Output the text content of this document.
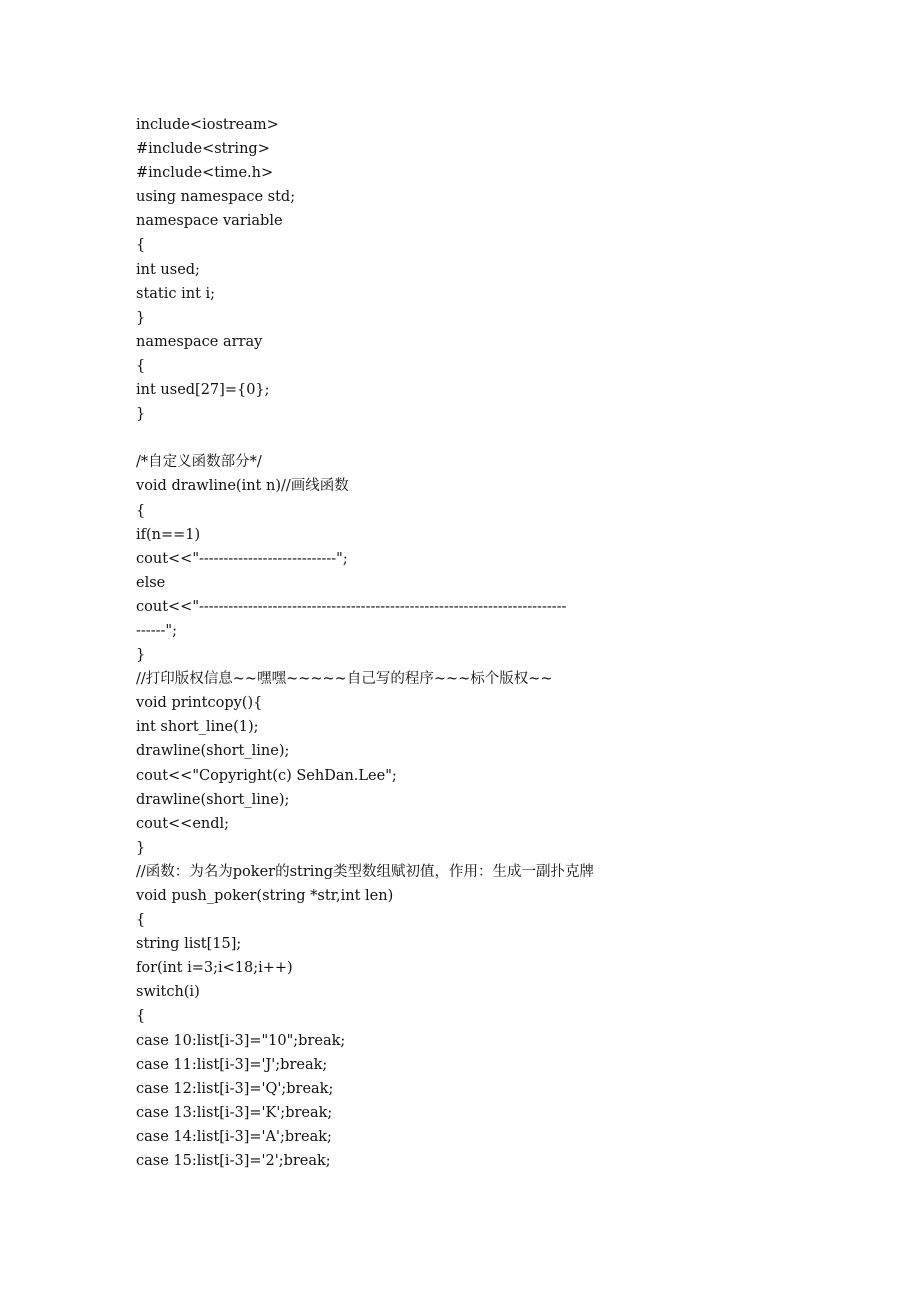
include<iostream>
#include<string>
#include<time.h>
using namespace std;
namespace variable
{
int used;
static int i;
}
namespace array
{
int used[27]={0};
}
/*自定义函数部分*/
void drawline(int n)//画线函数
{
if(n==1)
cout<<"----------------------------";
else
cout<<"---------------------------------------------------------------------------
------";
}
//打印版权信息~~嘿嘿~~~~~自己写的程序~~~标个版权~~
void printcopy(){
int short_line(1);
drawline(short_line);
cout<<"Copyright(c) SehDan.Lee";
drawline(short_line);
cout<<endl;
}
//函数：为名为poker的string类型数组赋初值，作用：生成一副扑克牌
void push_poker(string *str,int len)
{
string list[15];
for(int i=3;i<18;i++)
switch(i)
{
case 10:list[i-3]="10";break;
case 11:list[i-3]='J';break;
case 12:list[i-3]='Q';break;
case 13:list[i-3]='K';break;
case 14:list[i-3]='A';break;
case 15:list[i-3]='2';break;
